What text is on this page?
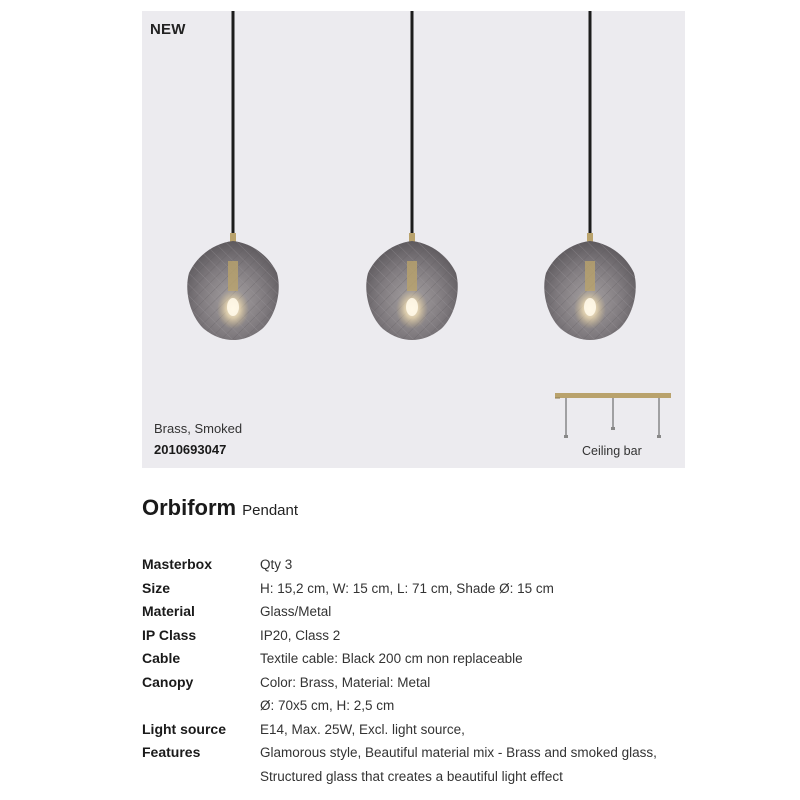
NEW
Brass, Smoked
2010693047	Ceiling bar
Orbiform Pendant
Masterbox	Qty 3
Size	H: 15,2 cm, W: 15 cm, L: 71 cm, Shade Ø: 15 cm
Material	Glass/Metal
IP Class	IP20, Class 2
Cable	Textile cable: Black 200 cm non replaceable
Canopy	Color: Brass, Material: Metal
	Ø: 70x5 cm, H: 2,5 cm
Light source	E14, Max. 25W, Excl. light source,
Features	Glamorous style, Beautiful material mix - Brass and smoked glass,
	Structured glass that creates a beautiful light effect
